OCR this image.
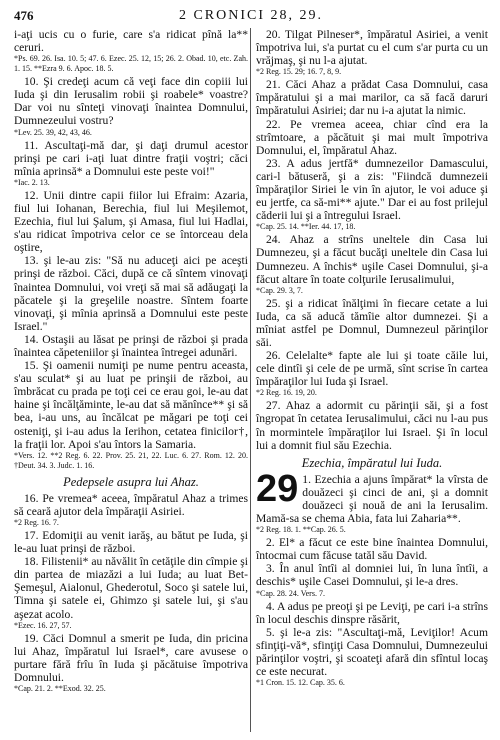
476	2 CRONICI 28, 29.

i-aţi ucis cu o furie, care s'a ridicat pînă la** ceruri.

*Ps. 69. 26. Isa. 10. 5; 47. 6. Ezec. 25. 12, 15; 26. 2. Obad. 10, etc. Zah. 1. 15. **Ezra 9. 6. Apoc. 18. 5.

10. Şi credeţi acum că veţi face din copiii lui Iuda şi din Ierusalim robii şi roabele* voastre? Dar voi nu sînteţi vinovaţi înaintea Domnului, Dumnezeului vostru?

*Lev. 25. 39, 42, 43, 46.

11. Ascultaţi-mă dar, şi daţi drumul acestor prinşi pe cari i-aţi luat dintre fraţii voştri; căci mînia aprinsă* a Domnului este peste voi!"

*Iac. 2. 13.

12. Unii dintre capii fiilor lui Efraim: Azaria, fiul lui Iohanan, Berechia, fiul lui Meşilemot, Ezechia, fiul lui Şalum, şi Amasa, fiul lui Hadlai, s'au ridicat împotriva celor ce se întorceau dela oştire,

13. şi le-au zis: "Să nu aduceţi aici pe aceşti prinşi de război. Căci, după ce că sîntem vinovaţi înaintea Domnului, voi vreţi să mai să adăugaţi la păcatele şi la greşelile noastre. Sîntem foarte vinovaţi, şi mînia aprinsă a Domnului este peste Israel."

14. Ostaşii au lăsat pe prinşi de război şi prada înaintea căpeteniilor şi înaintea întregei adunări.

15. Şi oamenii numiţi pe nume pentru aceasta, s'au sculat* şi au luat pe prinşii de război, au îmbrăcat cu prada pe toţi cei ce erau goi, le-au dat haine şi încălţăminte, le-au dat să mănînce** şi să bea, i-au uns, au încălcat pe măgari pe toţi cei osteniţi, şi i-au adus la Ierihon, cetatea finicilor†, la fraţii lor. Apoi s'au întors la Samaria.

*Vers. 12. **2 Reg. 6. 22. Prov. 25. 21, 22. Luc. 6. 27. Rom. 12. 20. †Deut. 34. 3. Judc. 1. 16.

Pedepsele asupra lui Ahaz.

16. Pe vremea* aceea, împăratul Ahaz a trimes să ceară ajutor dela împăraţii Asiriei.

*2 Reg. 16. 7.

17. Edomiţii au venit iarăş, au bătut pe Iuda, şi le-au luat prinşi de război.

18. Filistenii* au năvălit în cetăţile din cîmpie şi din partea de miazăzi a lui Iuda; au luat Bet-Şemeşul, Aialonul, Ghederotul, Soco şi satele lui, Timna şi satele ei, Ghimzo şi satele lui, şi s'au aşezat acolo.

*Ezec. 16. 27, 57.

19. Căci Domnul a smerit pe Iuda, din pricina lui Ahaz, împăratul lui Israel*, care avusese o purtare fără frîu în Iuda şi păcătuise împotriva Domnului.

*Cap. 21. 2. **Exod. 32. 25.

20. Tilgat Pilneser*, împăratul Asiriei, a venit împotriva lui, s'a purtat cu el cum s'ar purta cu un vrăjmaş, şi nu l-a ajutat.

*2 Reg. 15. 29; 16. 7, 8, 9.

21. Căci Ahaz a prădat Casa Domnului, casa împăratului şi a mai marilor, ca să facă daruri împăratului Asiriei; dar nu i-a ajutat la nimic.

22. Pe vremea aceea, chiar cînd era la strîmtoare, a păcătuit şi mai mult împotriva Domnului, el, împăratul Ahaz.

23. A adus jertfă* dumnezeilor Damascului, cari-l bătuseră, şi a zis: "Fiindcă dumnezeii împăraţilor Siriei le vin în ajutor, le voi aduce şi eu jertfe, ca să-mi** ajute." Dar ei au fost prilejul căderii lui şi a întregului Israel.

*Cap. 25. 14. **Ier. 44. 17, 18.

24. Ahaz a strîns uneltele din Casa lui Dumnezeu, şi a făcut bucăţi uneltele din Casa lui Dumnezeu. A închis* uşile Casei Domnului, şi-a făcut altare în toate colţurile Ierusalimului,

*Cap. 29. 3, 7.

25. şi a ridicat înălţimi în fiecare cetate a lui Iuda, ca să aducă tămîie altor dumnezei. Şi a mîniat astfel pe Domnul, Dumnezeul părinţilor săi.

26. Celelalte* fapte ale lui şi toate căile lui, cele dintîi şi cele de pe urmă, sînt scrise în cartea împăraţilor lui Iuda şi Israel.

*2 Reg. 16. 19, 20.

27. Ahaz a adormit cu părinţii săi, şi a fost îngropat în cetatea Ierusalimului, căci nu l-au pus în mormintele împăraţilor lui Israel. Şi în locul lui a domnit fiul său Ezechia.

Ezechia, împăratul lui Iuda.

29 1. Ezechia a ajuns împărat* la vîrsta de douăzeci şi cinci de ani, şi a domnit douăzeci şi nouă de ani la Ierusalim. Mamă-sa se chema Abia, fata lui Zaharia**.

*2 Reg. 18. 1. **Cap. 26. 5.

2. El* a făcut ce este bine înaintea Domnului, întocmai cum făcuse tatăl său David.

3. În anul întîi al domniei lui, în luna întîi, a deschis* uşile Casei Domnului, şi le-a dres.

*Cap. 28. 24. Vers. 7.

4. A adus pe preoţi şi pe Leviţi, pe cari i-a strîns în locul deschis dinspre răsărit,

5. şi le-a zis: "Ascultaţi-mă, Leviţilor! Acum sfinţiţi-vă*, sfinţiţi Casa Domnului, Dumnezeului părinţilor voştri, şi scoateţi afară din sfîntul locaş ce este necurat.

*1 Cron. 15. 12. Cap. 35. 6.
